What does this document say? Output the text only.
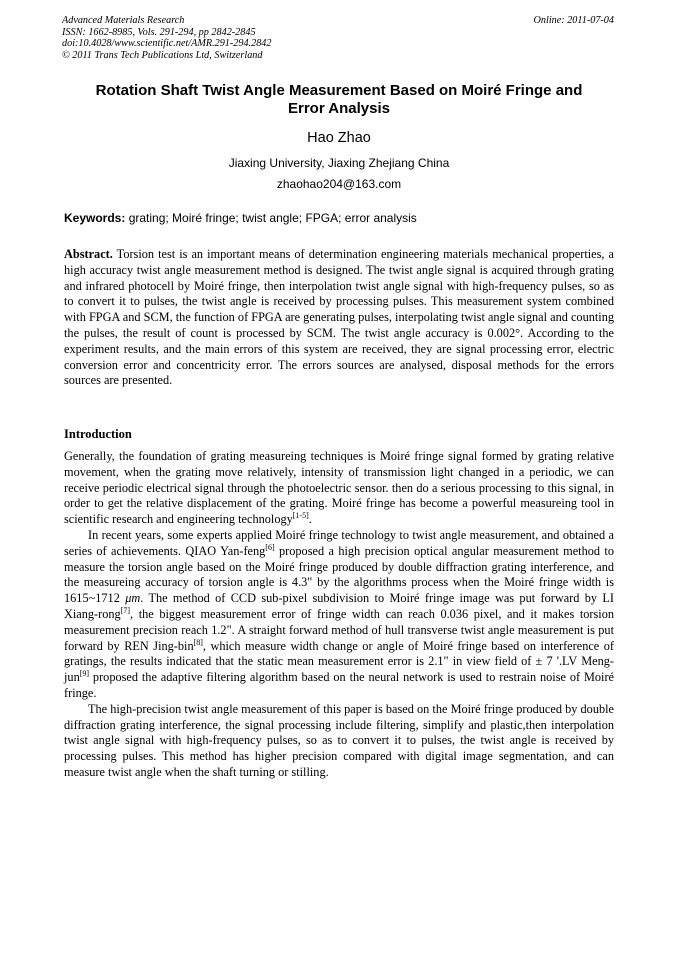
Advanced Materials Research
ISSN: 1662-8985, Vols. 291-294, pp 2842-2845
doi:10.4028/www.scientific.net/AMR.291-294.2842
© 2011 Trans Tech Publications Ltd, Switzerland
Online: 2011-07-04
Rotation Shaft Twist Angle Measurement Based on Moiré Fringe and
Error Analysis
Hao Zhao
Jiaxing University, Jiaxing Zhejiang China
zhaohao204@163.com
Keywords: grating; Moiré fringe; twist angle; FPGA; error analysis
Abstract. Torsion test is an important means of determination engineering materials mechanical properties, a high accuracy twist angle measurement method is designed. The twist angle signal is acquired through grating and infrared photocell by Moiré fringe, then interpolation twist angle signal with high-frequency pulses, so as to convert it to pulses, the twist angle is received by processing pulses. This measurement system combined with FPGA and SCM, the function of FPGA are generating pulses, interpolating twist angle signal and counting the pulses, the result of count is processed by SCM. The twist angle accuracy is 0.002°. According to the experiment results, and the main errors of this system are received, they are signal processing error, electric conversion error and concentricity error. The errors sources are analysed, disposal methods for the errors sources are presented.
Introduction

Generally, the foundation of grating measureing techniques is Moiré fringe signal formed by grating relative movement, when the grating move relatively, intensity of transmission light changed in a periodic, we can receive periodic electrical signal through the photoelectric sensor. then do a serious processing to this signal, in order to get the relative displacement of the grating. Moiré fringe has become a powerful measureing tool in scientific research and engineering technology[1-5].

In recent years, some experts applied Moiré fringe technology to twist angle measurement, and obtained a series of achievements. QIAO Yan-feng[6] proposed a high precision optical angular measurement method to measure the torsion angle based on the Moiré fringe produced by double diffraction grating interference, and the measureing accuracy of torsion angle is 4.3" by the algorithms process when the Moiré fringe width is 1615~1712 μm. The method of CCD sub-pixel subdivision to Moiré fringe image was put forward by LI Xiang-rong[7], the biggest measurement error of fringe width can reach 0.036 pixel, and it makes torsion measurement precision reach 1.2". A straight forward method of hull transverse twist angle measurement is put forward by REN Jing-bin[8], which measure width change or angle of Moiré fringe based on interference of gratings, the results indicated that the static mean measurement error is 2.1" in view field of ± 7 '.LV Meng-jun[9] proposed the adaptive filtering algorithm based on the neural network is used to restrain noise of Moiré fringe.

The high-precision twist angle measurement of this paper is based on the Moiré fringe produced by double diffraction grating interference, the signal processing include filtering, simplify and plastic,then interpolation twist angle signal with high-frequency pulses, so as to convert it to pulses, the twist angle is received by processing pulses. This method has higher precision compared with digital image segmentation, and can measure twist angle when the shaft turning or stilling.
